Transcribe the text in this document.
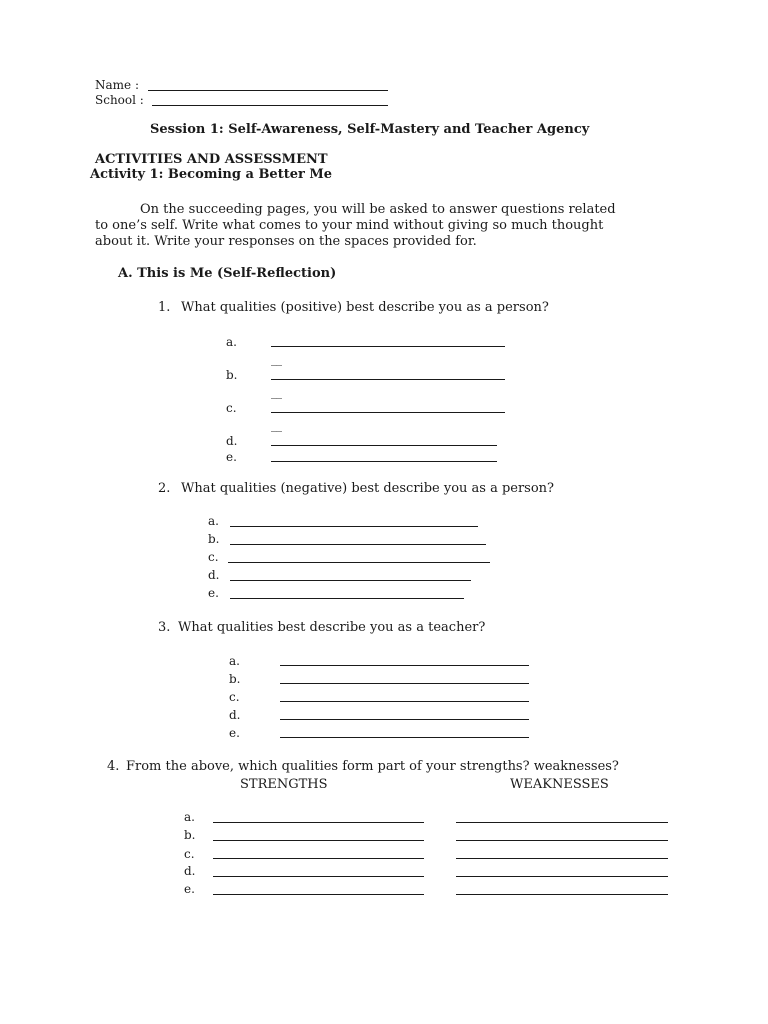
Name :
School :
Session 1: Self-Awareness, Self-Mastery and Teacher Agency
ACTIVITIES AND ASSESSMENT
Activity 1: Becoming a Better Me
On the succeeding pages, you will be asked to answer questions related
to one’s self. Write what comes to your mind without giving so much thought
about it. Write your responses on the spaces provided for.
A. This is Me (Self-Reflection)
1. What qualities (positive) best describe you as a person?
a.
__
b.
__
c.
__
d.
e.
2. What qualities (negative) best describe you as a person?
a.
b.
c.
d.
e.
3. What qualities best describe you as a teacher?
a.
b.
c.
d.
e.
4. From the above, which qualities form part of your strengths? weaknesses?
STRENGTHS	WEAKNESSES
a.
b.
c.
d.
e.
